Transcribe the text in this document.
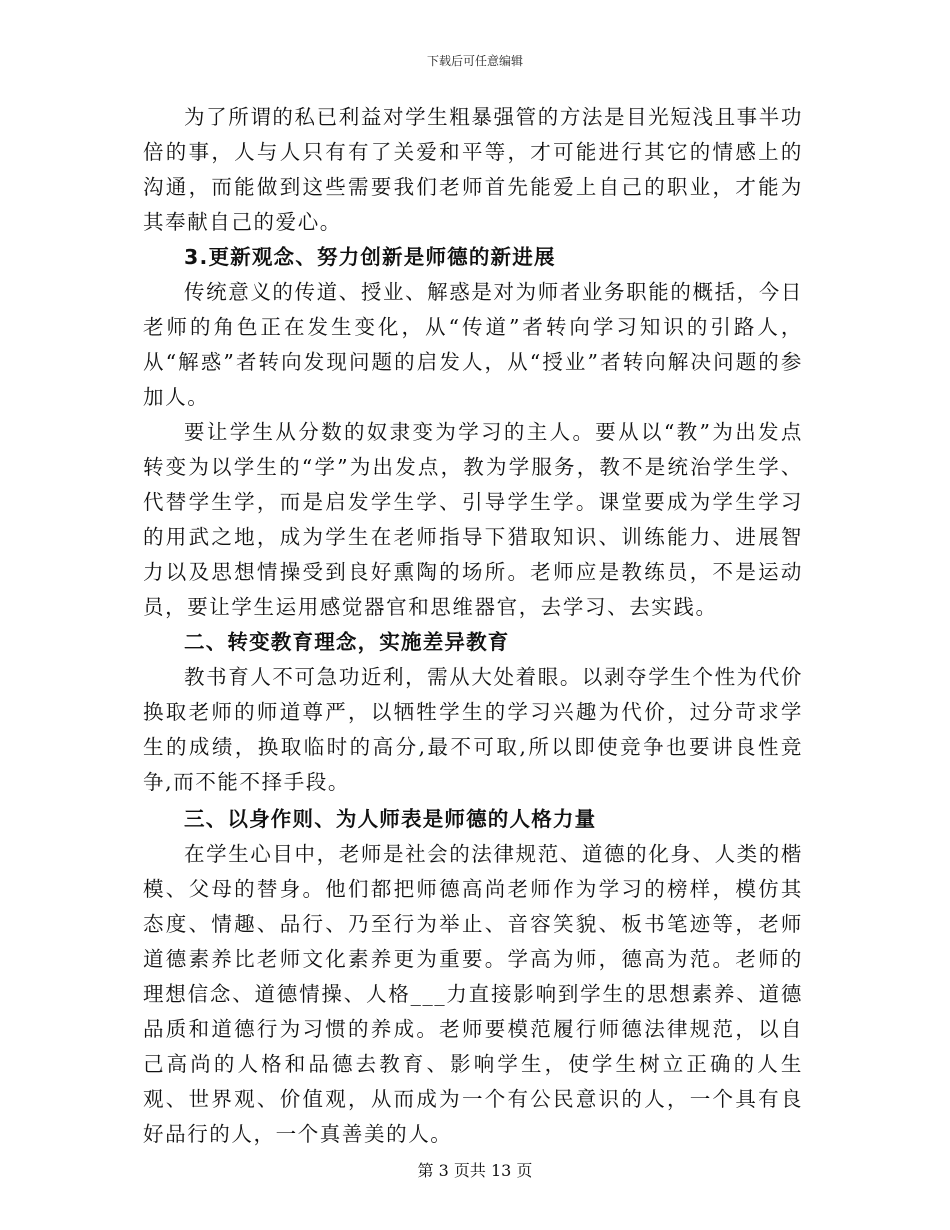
下载后可任意编辑

为了所谓的私已利益对学生粗暴强管的方法是目光短浅且事半功倍的事，人与人只有有了关爱和平等，才可能进行其它的情感上的沟通，而能做到这些需要我们老师首先能爱上自己的职业，才能为其奉献自己的爱心。

3.更新观念、努力创新是师德的新进展

传统意义的传道、授业、解惑是对为师者业务职能的概括，今日老师的角色正在发生变化，从“传道”者转向学习知识的引路人，从“解惑”者转向发现问题的启发人，从“授业”者转向解决问题的参加人。

要让学生从分数的奴隶变为学习的主人。要从以“教”为出发点转变为以学生的“学”为出发点，教为学服务，教不是统治学生学、代替学生学，而是启发学生学、引导学生学。课堂要成为学生学习的用武之地，成为学生在老师指导下猎取知识、训练能力、进展智力以及思想情操受到良好熏陶的场所。老师应是教练员，不是运动员，要让学生运用感觉器官和思维器官，去学习、去实践。

二、转变教育理念，实施差异教育

教书育人不可急功近利，需从大处着眼。以剥夺学生个性为代价换取老师的师道尊严，以牺牲学生的学习兴趣为代价，过分苛求学生的成绩，换取临时的高分,最不可取,所以即使竞争也要讲良性竞争,而不能不择手段。

三、以身作则、为人师表是师德的人格力量

在学生心目中，老师是社会的法律规范、道德的化身、人类的楷模、父母的替身。他们都把师德高尚老师作为学习的榜样，模仿其态度、情趣、品行、乃至行为举止、音容笑貌、板书笔迹等，老师道德素养比老师文化素养更为重要。学高为师，德高为范。老师的理想信念、道德情操、人格___力直接影响到学生的思想素养、道德品质和道德行为习惯的养成。老师要模范履行师德法律规范，以自己高尚的人格和品德去教育、影响学生，使学生树立正确的人生观、世界观、价值观，从而成为一个有公民意识的人，一个具有良好品行的人，一个真善美的人。

第 3 页共 13 页
